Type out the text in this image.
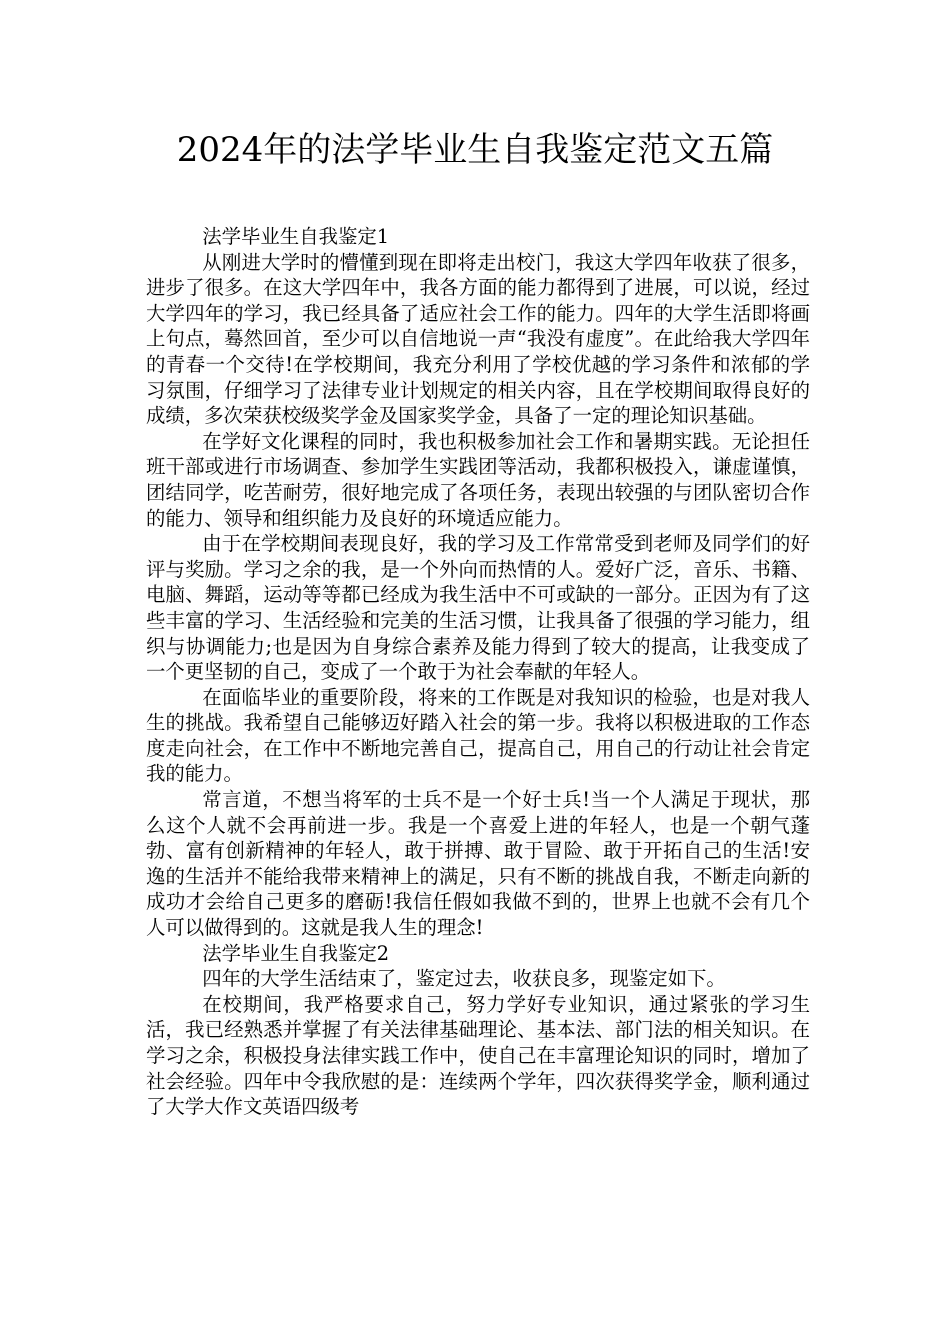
2024年的法学毕业生自我鉴定范文五篇

法学毕业生自我鉴定1

从刚进大学时的懵懂到现在即将走出校门，我这大学四年收获了很多，进步了很多。在这大学四年中，我各方面的能力都得到了进展，可以说，经过大学四年的学习，我已经具备了适应社会工作的能力。四年的大学生活即将画上句点，蓦然回首，至少可以自信地说一声“我没有虚度”。在此给我大学四年的青春一个交待!在学校期间，我充分利用了学校优越的学习条件和浓郁的学习氛围，仔细学习了法律专业计划规定的相关内容，且在学校期间取得良好的成绩，多次荣获校级奖学金及国家奖学金，具备了一定的理论知识基础。

在学好文化课程的同时，我也积极参加社会工作和暑期实践。无论担任班干部或进行市场调查、参加学生实践团等活动，我都积极投入，谦虚谨慎，团结同学，吃苦耐劳，很好地完成了各项任务，表现出较强的与团队密切合作的能力、领导和组织能力及良好的环境适应能力。

由于在学校期间表现良好，我的学习及工作常常受到老师及同学们的好评与奖励。学习之余的我，是一个外向而热情的人。爱好广泛，音乐、书籍、电脑、舞蹈，运动等等都已经成为我生活中不可或缺的一部分。正因为有了这些丰富的学习、生活经验和完美的生活习惯，让我具备了很强的学习能力，组织与协调能力;也是因为自身综合素养及能力得到了较大的提高，让我变成了一个更坚韧的自己，变成了一个敢于为社会奉献的年轻人。

在面临毕业的重要阶段，将来的工作既是对我知识的检验，也是对我人生的挑战。我希望自己能够迈好踏入社会的第一步。我将以积极进取的工作态度走向社会，在工作中不断地完善自己，提高自己，用自己的行动让社会肯定我的能力。

常言道，不想当将军的士兵不是一个好士兵!当一个人满足于现状，那么这个人就不会再前进一步。我是一个喜爱上进的年轻人，也是一个朝气蓬勃、富有创新精神的年轻人，敢于拼搏、敢于冒险、敢于开拓自己的生活!安逸的生活并不能给我带来精神上的满足，只有不断的挑战自我，不断走向新的成功才会给自己更多的磨砺!我信任假如我做不到的，世界上也就不会有几个人可以做得到的。这就是我人生的理念!

法学毕业生自我鉴定2

四年的大学生活结束了，鉴定过去，收获良多，现鉴定如下。

在校期间，我严格要求自己，努力学好专业知识，通过紧张的学习生活，我已经熟悉并掌握了有关法律基础理论、基本法、部门法的相关知识。在学习之余，积极投身法律实践工作中，使自己在丰富理论知识的同时，增加了社会经验。四年中令我欣慰的是：连续两个学年，四次获得奖学金，顺利通过了大学大作文英语四级考
